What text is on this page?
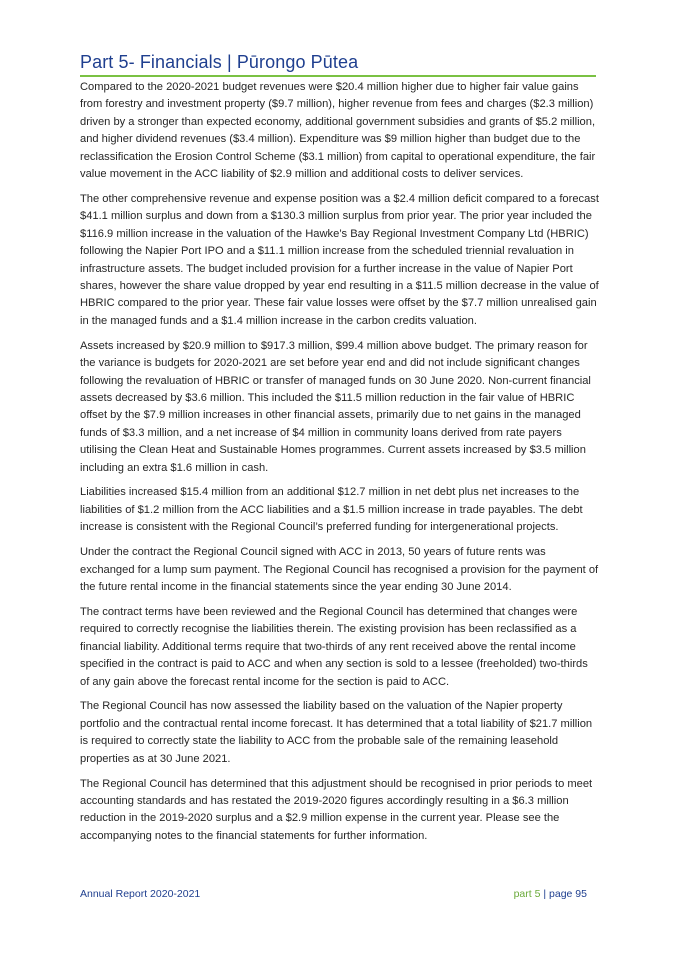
Part 5- Financials | Pūrongo Pūtea

Compared to the 2020-2021 budget revenues were $20.4 million higher due to higher fair value gains from forestry and investment property ($9.7 million), higher revenue from fees and charges ($2.3 million) driven by a stronger than expected economy, additional government subsidies and grants of $5.2 million, and higher dividend revenues ($3.4 million). Expenditure was $9 million higher than budget due to the reclassification the Erosion Control Scheme ($3.1 million) from capital to operational expenditure, the fair value movement in the ACC liability of $2.9 million and additional costs to deliver services.

The other comprehensive revenue and expense position was a $2.4 million deficit compared to a forecast $41.1 million surplus and down from a $130.3 million surplus from prior year. The prior year included the $116.9 million increase in the valuation of the Hawke’s Bay Regional Investment Company Ltd (HBRIC) following the Napier Port IPO and a $11.1 million increase from the scheduled triennial revaluation in infrastructure assets. The budget included provision for a further increase in the value of Napier Port shares, however the share value dropped by year end resulting in a $11.5 million decrease in the value of HBRIC compared to the prior year. These fair value losses were offset by the $7.7 million unrealised gain in the managed funds and a $1.4 million increase in the carbon credits valuation.

Assets increased by $20.9 million to $917.3 million, $99.4 million above budget. The primary reason for the variance is budgets for 2020-2021 are set before year end and did not include significant changes following the revaluation of HBRIC or transfer of managed funds on 30 June 2020. Non-current financial assets decreased by $3.6 million. This included the $11.5 million reduction in the fair value of HBRIC offset by the $7.9 million increases in other financial assets, primarily due to net gains in the managed funds of $3.3 million, and a net increase of $4 million in community loans derived from rate payers utilising the Clean Heat and Sustainable Homes programmes. Current assets increased by $3.5 million including an extra $1.6 million in cash.

Liabilities increased $15.4 million from an additional $12.7 million in net debt plus net increases to the liabilities of $1.2 million from the ACC liabilities and a $1.5 million increase in trade payables. The debt increase is consistent with the Regional Council’s preferred funding for intergenerational projects.

Under the contract the Regional Council signed with ACC in 2013, 50 years of future rents was exchanged for a lump sum payment. The Regional Council has recognised a provision for the payment of the future rental income in the financial statements since the year ending 30 June 2014.

The contract terms have been reviewed and the Regional Council has determined that changes were required to correctly recognise the liabilities therein. The existing provision has been reclassified as a financial liability. Additional terms require that two-thirds of any rent received above the rental income specified in the contract is paid to ACC and when any section is sold to a lessee (freeholded) two-thirds of any gain above the forecast rental income for the section is paid to ACC.

The Regional Council has now assessed the liability based on the valuation of the Napier property portfolio and the contractual rental income forecast. It has determined that a total liability of $21.7 million is required to correctly state the liability to ACC from the probable sale of the remaining leasehold properties as at 30 June 2021.

The Regional Council has determined that this adjustment should be recognised in prior periods to meet accounting standards and has restated the 2019-2020 figures accordingly resulting in a $6.3 million reduction in the 2019-2020 surplus and a $2.9 million expense in the current year. Please see the accompanying notes to the financial statements for further information.

Annual Report 2020-2021	part 5 | page 95
